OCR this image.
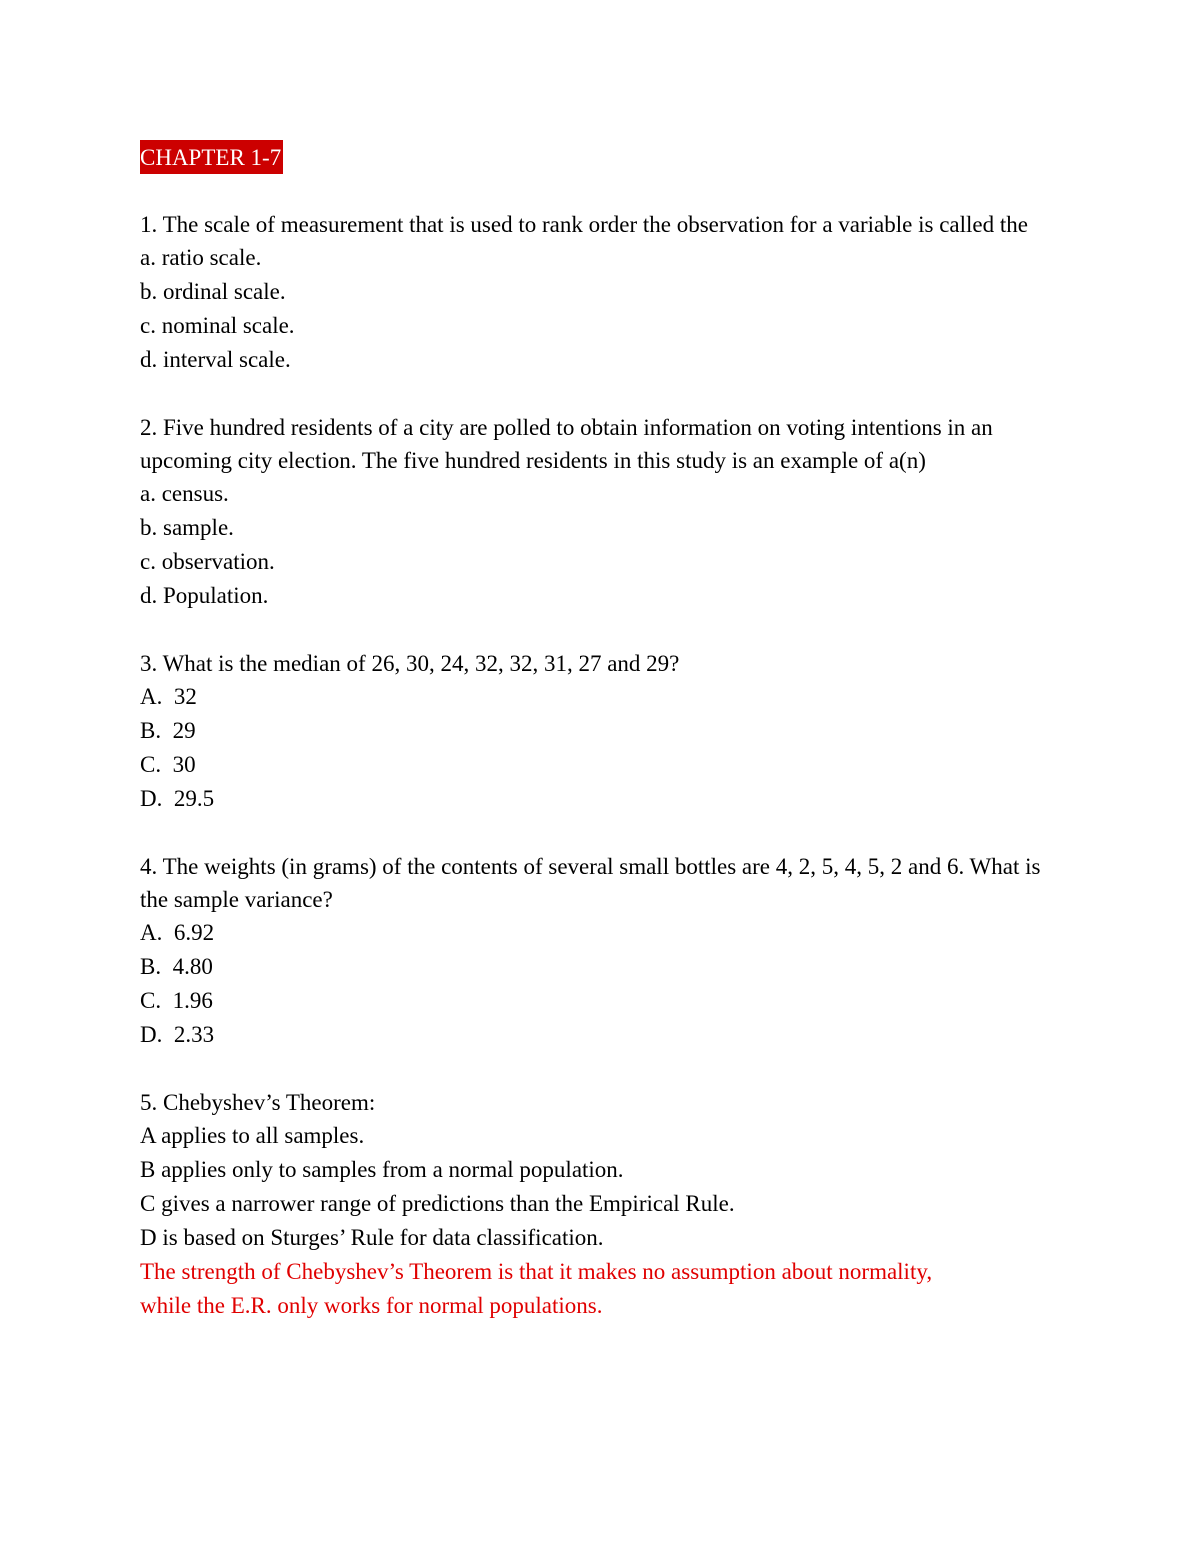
CHAPTER 1-7
1. The scale of measurement that is used to rank order the observation for a variable is called the
a. ratio scale.
b. ordinal scale.
c. nominal scale.
d. interval scale.
2. Five hundred residents of a city are polled to obtain information on voting intentions in an upcoming city election. The five hundred residents in this study is an example of a(n)
a. census.
b. sample.
c. observation.
d. Population.
3. What is the median of 26, 30, 24, 32, 32, 31, 27 and 29?
A.  32
B.  29
C.  30
D.  29.5
4. The weights (in grams) of the contents of several small bottles are 4, 2, 5, 4, 5, 2 and 6. What is the sample variance?
A.  6.92
B.  4.80
C.  1.96
D.  2.33
5. Chebyshev’s Theorem:
A applies to all samples.
B applies only to samples from a normal population.
C gives a narrower range of predictions than the Empirical Rule.
D is based on Sturges’ Rule for data classification.
The strength of Chebyshev’s Theorem is that it makes no assumption about normality,
while the E.R. only works for normal populations.
